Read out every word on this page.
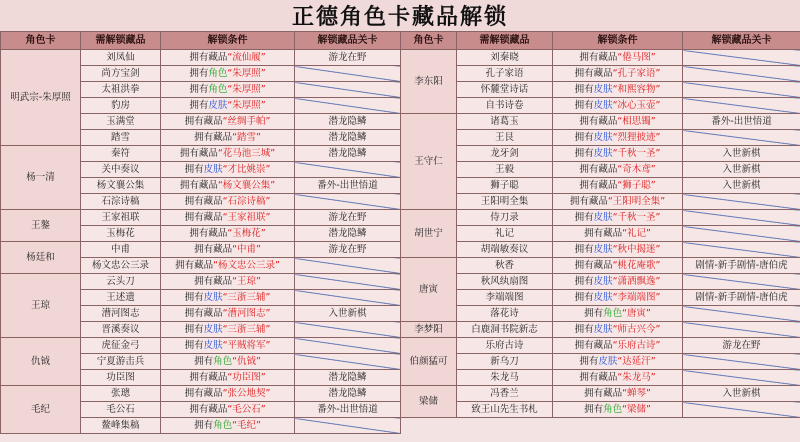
正德角色卡藏品解锁
角色卡	需解锁藏品	解锁条件	解锁藏品关卡
明武宗-朱厚照	刘凤仙	拥有藏品“流仙履”	游龙在野
	尚方宝剑	拥有角色“朱厚照”	
	太祖洪拳	拥有角色“朱厚照”	
	豹房	拥有皮肤“朱厚照”	
	玉满堂	拥有藏品“丝绸手帕”	潜龙隐鳞
	踏雪	拥有藏品“踏雪”	潜龙隐鳞
杨一清	秦符	拥有藏品“花马池三城”	潜龙隐鳞
	关中奏议	拥有皮肤“才比姚崇”	
	杨文襄公集	拥有藏品“杨文襄公集”	番外-出世悟道
	石淙诗稿	拥有藏品“石淙诗稿”	
王鏊	王家祖联	拥有藏品“王家祖联”	游龙在野
	玉梅花	拥有藏品“玉梅花”	潜龙隐鳞
杨廷和	中甫	拥有藏品“中甫”	游龙在野
	杨文忠公三录	拥有藏品“杨文忠公三录”	
王琼	云头刀	拥有藏品“王琼”	
	王述遗	拥有皮肤“三浙三辅”	
	漕河图志	拥有藏品“漕河图志”	入世新棋
	晋溪奏议	拥有皮肤“三浙三辅”	
仇钺	虎征金弓	拥有皮肤“平贼将军”	
	宁夏游击兵	拥有角色“仇钺”	
	功臣图	拥有藏品“功臣图”	潜龙隐鳞
毛纪	张璁	拥有藏品“张公地契”	潜龙隐鳞
	毛公石	拥有藏品“毛公石”	番外-出世悟道
	鳌峰集稿	拥有角色“毛纪”	
角色卡	需解锁藏品	解锁条件	解锁藏品关卡
李东阳	刘秦晓	拥有藏品“倦马图”	
	孔子家语	拥有藏品“孔子家语”	
	怀麓堂诗话	拥有皮肤“和熙容物”	
	自书诗卷	拥有皮肤“冰心玉壶”	
王守仁	诸葛玉	拥有藏品“相思镯”	番外-出世悟道
	王艮	拥有皮肤“烈狸披迹”	
	龙牙剑	拥有皮肤“千秋一圣”	入世新棋
	王毅	拥有藏品“奇木鸢”	入世新棋
	狮子聪	拥有藏品“狮子聪”	入世新棋
	王阳明全集	拥有藏品“王阳明全集”	
胡世宁	侍刀录	拥有皮肤“千秋一圣”	
	礼记	拥有藏品“礼记”	
	胡端敏奏议	拥有皮肤“秋中揭迷”	
唐寅	秋香	拥有藏品“桃花庵歌”	剧情-新手剧情-唐伯虎
	秋风纨扇图	拥有皮肤“潇洒飘逸”	
	李端端图	拥有皮肤“李端端图”	剧情-新手剧情-唐伯虎
	落花诗	拥有角色“唐寅”	
李梦阳	白鹿洞书院新志	拥有皮肤“师古兴今”	
伯颜猛可	乐府古诗	拥有藏品“乐府古诗”	游龙在野
	新乌刀	拥有皮肤“达延汗”	
	朱龙马	拥有藏品“朱龙马”	
梁储	冯香兰	拥有藏品“蝉琴”	入世新棋
	致王山先生书札	拥有角色“梁储”	
